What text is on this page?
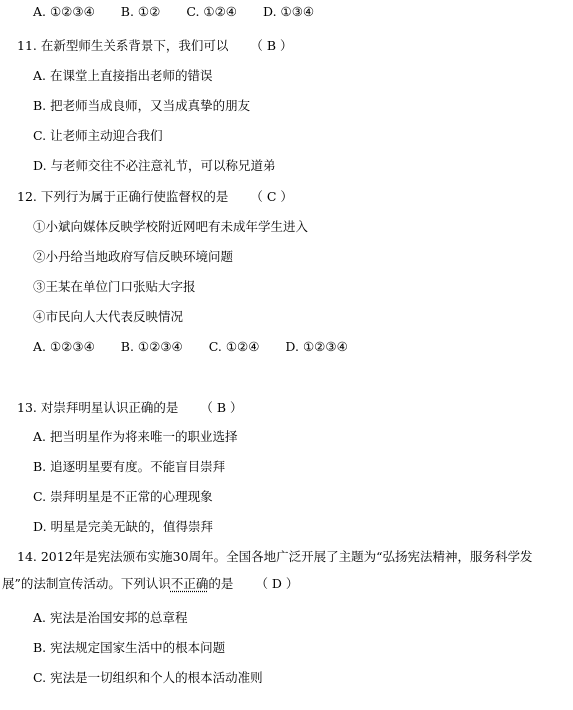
A. ①②③④ B. ①② C. ①②④ D. ①③④
11. 在新型师生关系背景下，我们可以 （ B ）
A. 在课堂上直接指出老师的错误
B. 把老师当成良师，又当成真挚的朋友
C. 让老师主动迎合我们
D. 与老师交往不必注意礼节，可以称兄道弟
12. 下列行为属于正确行使监督权的是 （ C ）
①小斌向媒体反映学校附近网吧有未成年学生进入
②小丹给当地政府写信反映环境问题
③王某在单位门口张贴大字报
④市民向人大代表反映情况
A. ①②③④ B. ①②③④ C. ①②④ D. ①②③④
13. 对崇拜明星认识正确的是 （ B ）
A. 把当明星作为将来唯一的职业选择
B. 追逐明星要有度。不能盲目崇拜
C. 崇拜明星是不正常的心理现象
D. 明星是完美无缺的，值得崇拜
14. 2012年是宪法颁布实施30周年。全国各地广泛开展了主题为“弘扬宪法精神，服务科学发
展”的法制宣传活动。下列认识不正确的是 （ D ）
A. 宪法是治国安邦的总章程
B. 宪法规定国家生活中的根本问题
C. 宪法是一切组织和个人的根本活动准则
